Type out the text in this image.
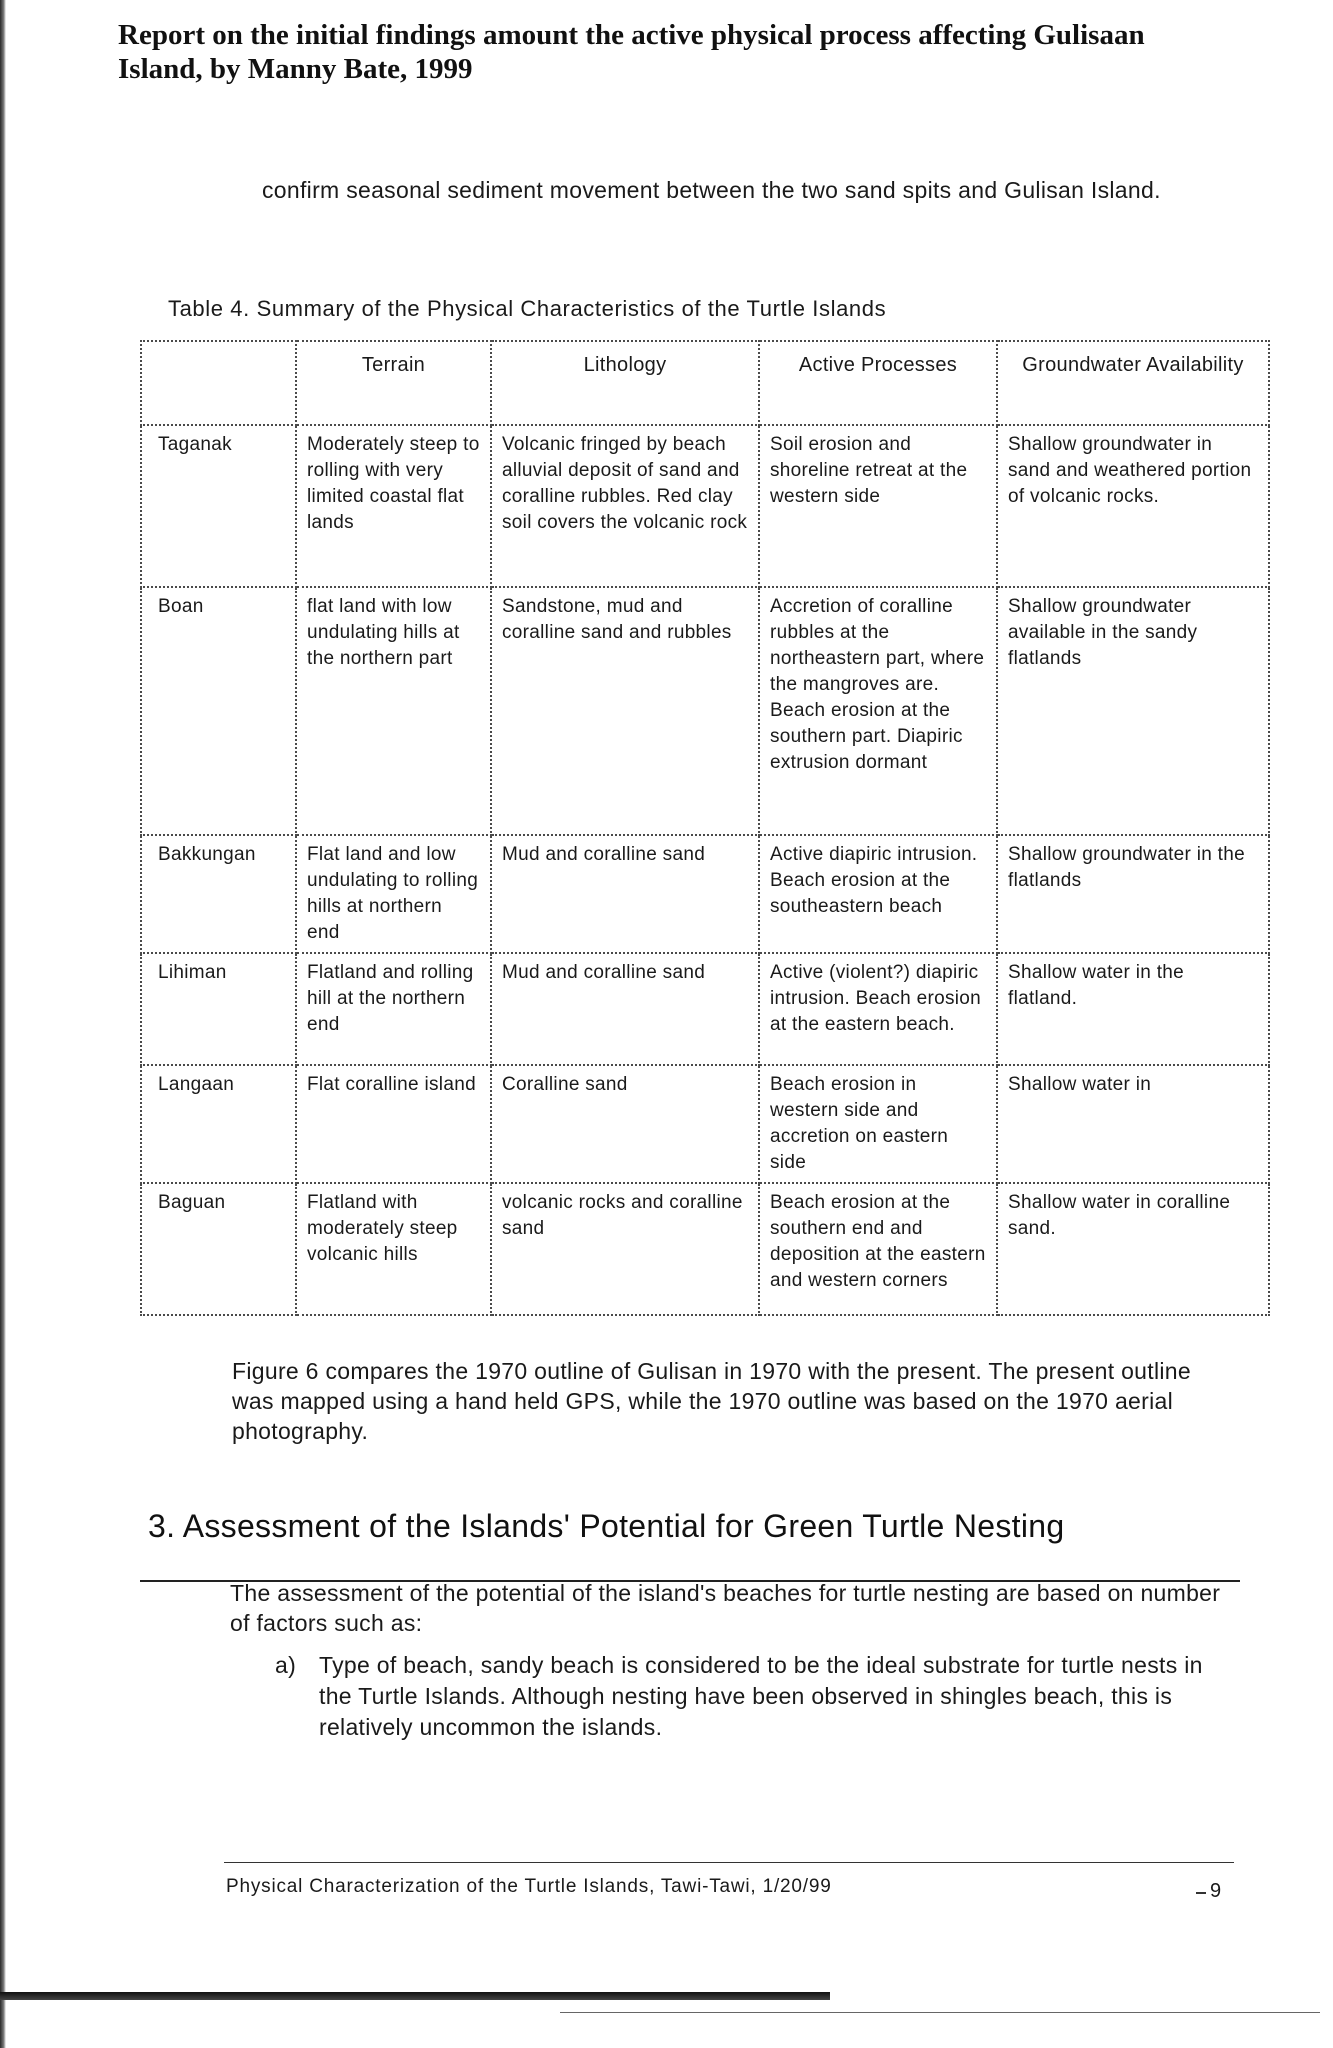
Report on the initial findings amount the active physical process affecting Gulisaan
Island, by Manny Bate, 1999
confirm seasonal sediment movement between the two sand spits and Gulisan Island.
Table 4. Summary of the Physical Characteristics of the Turtle Islands
	Terrain	Lithology	Active Processes	Groundwater Availability
Taganak	Moderately steep to rolling with very limited coastal flat lands	Volcanic fringed by beach alluvial deposit of sand and coralline rubbles. Red clay soil covers the volcanic rock	Soil erosion and shoreline retreat at the western side	Shallow groundwater in sand and weathered portion of volcanic rocks.
Boan	flat land with low undulating hills at the northern part	Sandstone, mud and coralline sand and rubbles	Accretion of coralline rubbles at the northeastern part, where the mangroves are. Beach erosion at the southern part. Diapiric extrusion dormant	Shallow groundwater available in the sandy flatlands
Bakkungan	Flat land and low undulating to rolling hills at northern end	Mud and coralline sand	Active diapiric intrusion. Beach erosion at the southeastern beach	Shallow groundwater in the flatlands
Lihiman	Flatland and rolling hill at the northern end	Mud and coralline sand	Active (violent?) diapiric intrusion. Beach erosion at the eastern beach.	Shallow water in the flatland.
Langaan	Flat coralline island	Coralline sand	Beach erosion in western side and accretion on eastern side	Shallow water in
Baguan	Flatland with moderately steep volcanic hills	volcanic rocks and coralline sand	Beach erosion at the southern end and deposition at the eastern and western corners	Shallow water in coralline sand.
Figure 6 compares the 1970 outline of Gulisan in 1970 with the present. The present outline was mapped using a hand held GPS, while the 1970 outline was based on the 1970 aerial photography.
3. Assessment of the Islands' Potential for Green Turtle Nesting
The assessment of the potential of the island's beaches for turtle nesting are based on number of factors such as:
a) Type of beach, sandy beach is considered to be the ideal substrate for turtle nests in the Turtle Islands. Although nesting have been observed in shingles beach, this is relatively uncommon the islands.
Physical Characterization of the Turtle Islands, Tawi-Tawi, 1/20/99	9
